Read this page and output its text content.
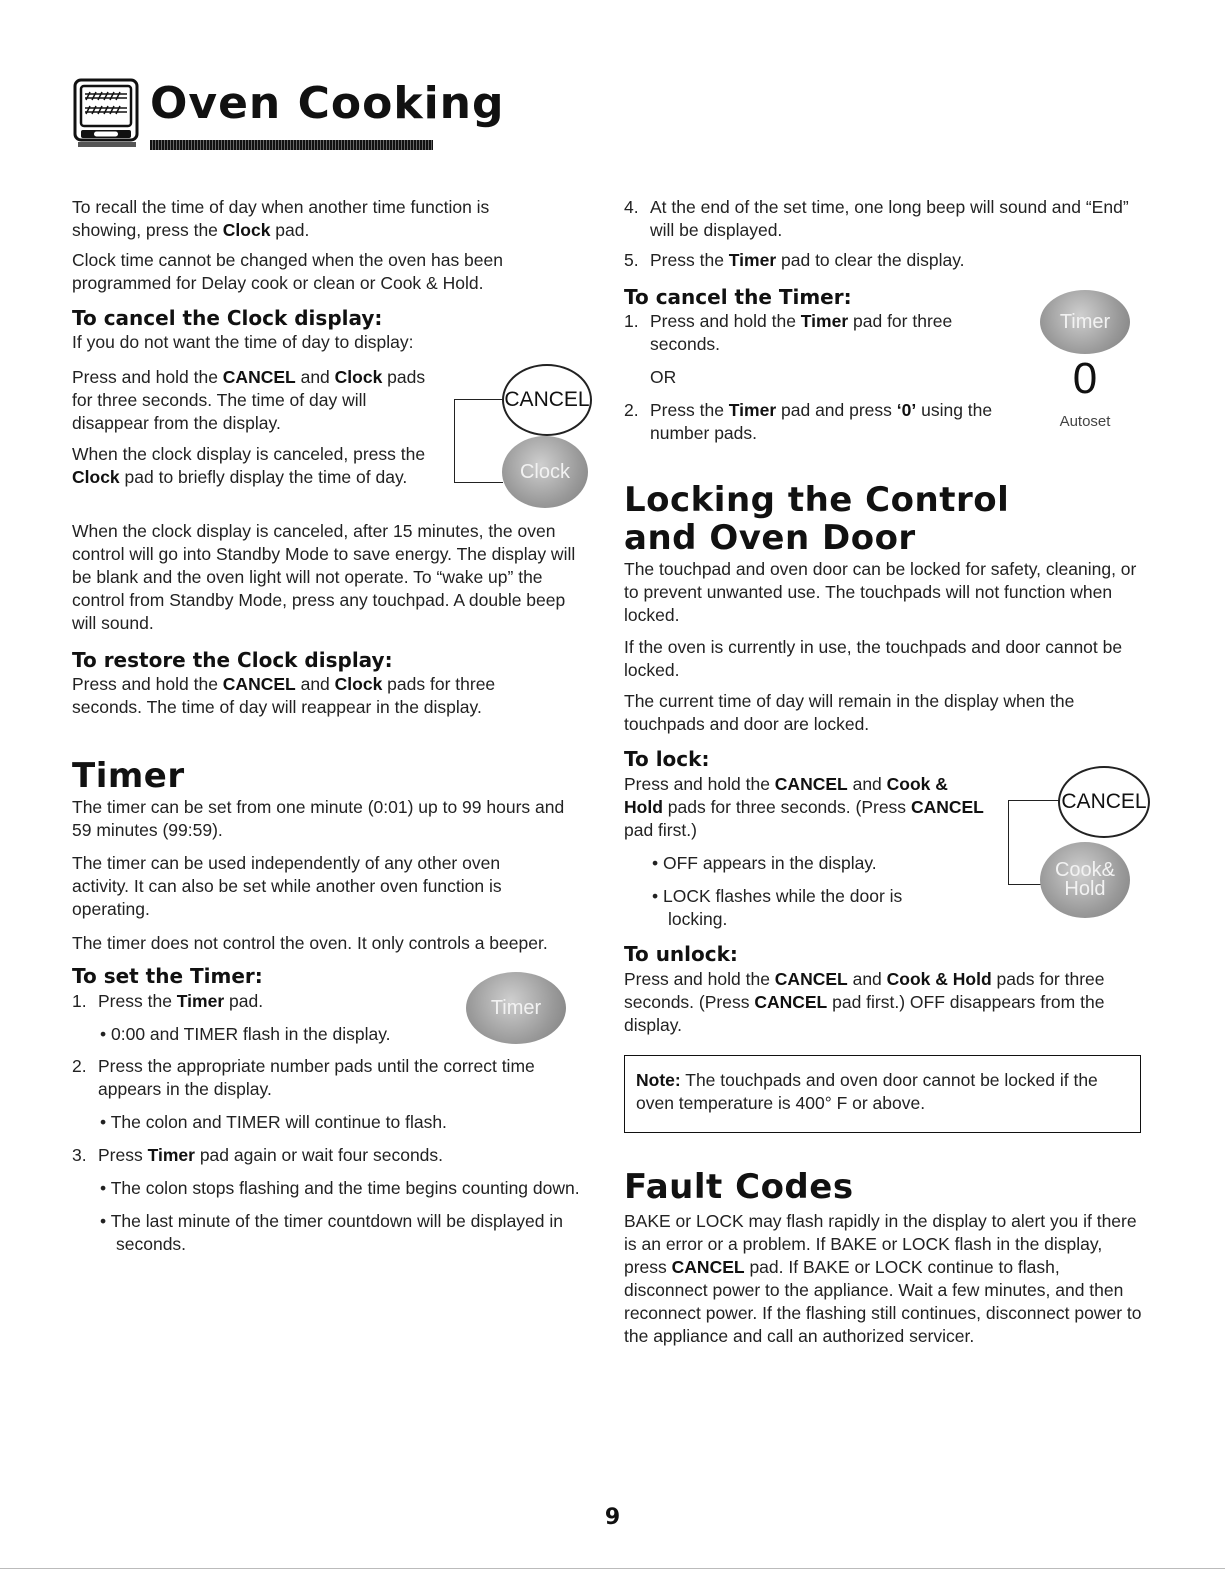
Oven Cooking
To recall the time of day when another time function is
showing, press the Clock pad.
Clock time cannot be changed when the oven has been programmed for Delay cook or clean or Cook & Hold.
To cancel the Clock display:
If you do not want the time of day to display:
Press and hold the CANCEL and Clock pads for three seconds. The time of day will disappear from the display.
When the clock display is canceled, press the Clock pad to briefly display the time of day.
CANCEL
Clock
When the clock display is canceled, after 15 minutes, the oven control will go into Standby Mode to save energy. The display will be blank and the oven light will not operate. To “wake up” the control from Standby Mode, press any touchpad. A double beep will sound.
To restore the Clock display:
Press and hold the CANCEL and Clock pads for three seconds. The time of day will reappear in the display.
Timer
The timer can be set from one minute (0:01) up to 99 hours and 59 minutes (99:59).
The timer can be used independently of any other oven activity. It can also be set while another oven function is operating.
The timer does not control the oven. It only controls a beeper.
To set the Timer:
1. Press the Timer pad.
• 0:00 and TIMER flash in the display.
2. Press the appropriate number pads until the correct time appears in the display.
• The colon and TIMER will continue to flash.
3. Press Timer pad again or wait four seconds.
• The colon stops flashing and the time begins counting down.
• The last minute of the timer countdown will be displayed in seconds.
Timer
4. At the end of the set time, one long beep will sound and “End” will be displayed.
5. Press the Timer pad to clear the display.
To cancel the Timer:
1. Press and hold the Timer pad for three seconds.
OR
2. Press the Timer pad and press ‘0’ using the number pads.
Timer
0
Autoset
Locking the Control
and Oven Door
The touchpad and oven door can be locked for safety, cleaning, or to prevent unwanted use. The touchpads will not function when locked.
If the oven is currently in use, the touchpads and door cannot be locked.
The current time of day will remain in the display when the touchpads and door are locked.
To lock:
Press and hold the CANCEL and Cook & Hold pads for three seconds. (Press CANCEL pad first.)
• OFF appears in the display.
• LOCK flashes while the door is locking.
CANCEL
Cook&
Hold
To unlock:
Press and hold the CANCEL and Cook & Hold pads for three seconds. (Press CANCEL pad first.) OFF disappears from the display.
Note: The touchpads and oven door cannot be locked if the oven temperature is 400° F or above.
Fault Codes
BAKE or LOCK may flash rapidly in the display to alert you if there is an error or a problem. If BAKE or LOCK flash in the display, press CANCEL pad. If BAKE or LOCK continue to flash, disconnect power to the appliance. Wait a few minutes, and then reconnect power. If the flashing still continues, disconnect power to the appliance and call an authorized servicer.
9
